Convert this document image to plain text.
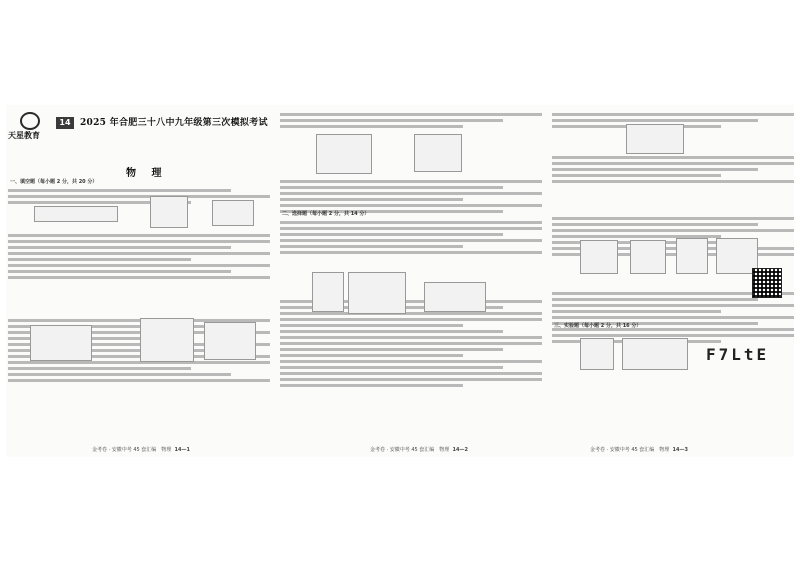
天星教育
14	2025 年合肥三十八中九年级第三次模拟考试
物 理
一、填空题（每小题 2 分，共 20 分）
金考卷 · 安徽中考 45 套汇编　物理 14—1
二、选择题（每小题 2 分，共 14 分）
金考卷 · 安徽中考 45 套汇编　物理 14—2
三、实验题（每小题 2 分，共 16 分）
F7LtE
金考卷 · 安徽中考 45 套汇编　物理 14—3
